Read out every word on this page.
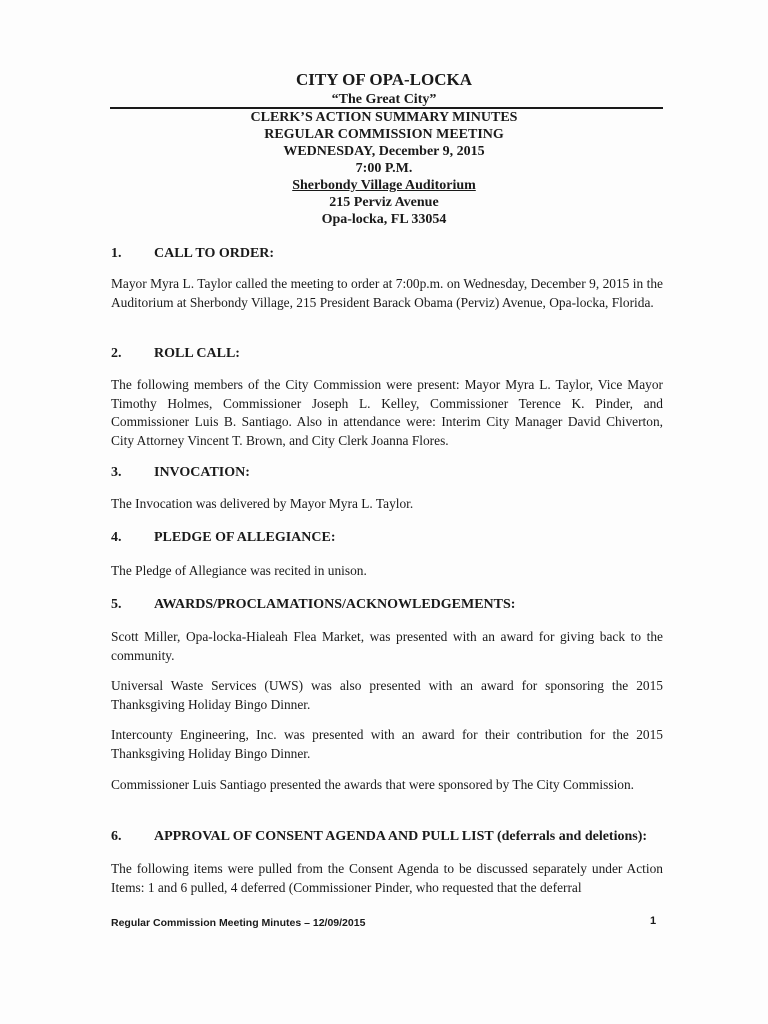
CITY OF OPA-LOCKA
“The Great City”
CLERK’S ACTION SUMMARY MINUTES
REGULAR COMMISSION MEETING
WEDNESDAY, December 9, 2015
7:00 P.M.
Sherbondy Village Auditorium
215 Perviz Avenue
Opa-locka, FL 33054
1. CALL TO ORDER:
Mayor Myra L. Taylor called the meeting to order at 7:00p.m. on Wednesday, December 9, 2015 in the Auditorium at Sherbondy Village, 215 President Barack Obama (Perviz) Avenue, Opa-locka, Florida.
2. ROLL CALL:
The following members of the City Commission were present: Mayor Myra L. Taylor, Vice Mayor Timothy Holmes, Commissioner Joseph L. Kelley, Commissioner Terence K. Pinder, and Commissioner Luis B. Santiago. Also in attendance were: Interim City Manager David Chiverton, City Attorney Vincent T. Brown, and City Clerk Joanna Flores.
3. INVOCATION:
The Invocation was delivered by Mayor Myra L. Taylor.
4. PLEDGE OF ALLEGIANCE:
The Pledge of Allegiance was recited in unison.
5. AWARDS/PROCLAMATIONS/ACKNOWLEDGEMENTS:
Scott Miller, Opa-locka-Hialeah Flea Market, was presented with an award for giving back to the community.
Universal Waste Services (UWS) was also presented with an award for sponsoring the 2015 Thanksgiving Holiday Bingo Dinner.
Intercounty Engineering, Inc. was presented with an award for their contribution for the 2015 Thanksgiving Holiday Bingo Dinner.
Commissioner Luis Santiago presented the awards that were sponsored by The City Commission.
6. APPROVAL OF CONSENT AGENDA AND PULL LIST (deferrals and deletions):
The following items were pulled from the Consent Agenda to be discussed separately under Action Items: 1 and 6 pulled, 4 deferred (Commissioner Pinder, who requested that the deferral
Regular Commission Meeting Minutes – 12/09/2015	1
